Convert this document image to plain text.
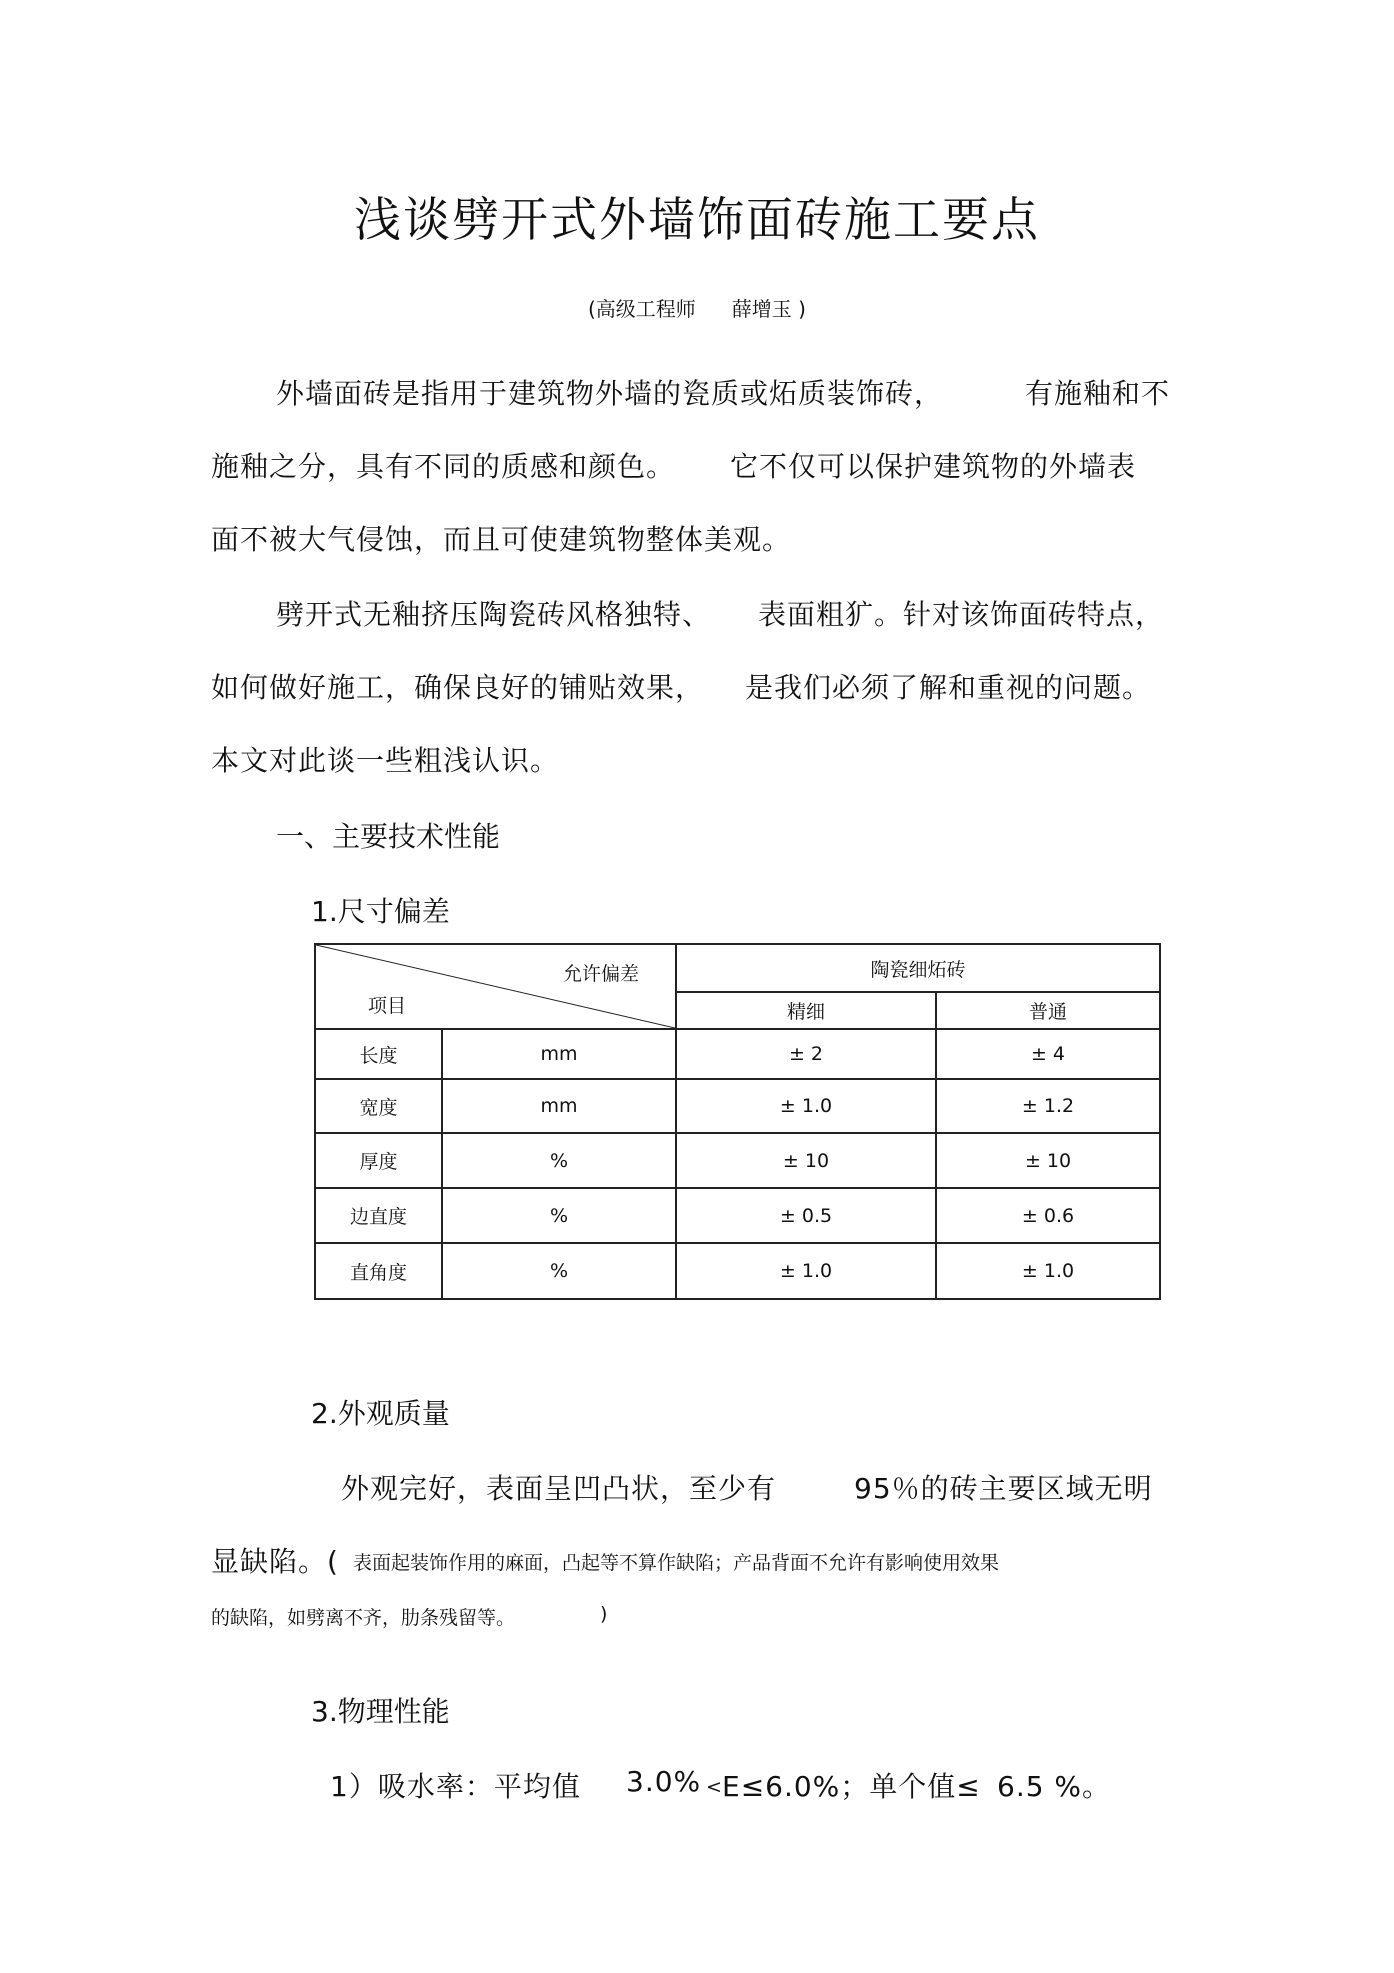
浅谈劈开式外墙饰面砖施工要点
(高级工程师 薛增玉 )
外墙面砖是指用于建筑物外墙的瓷质或炻质装饰砖，	有施釉和不
施釉之分，具有不同的质感和颜色。 它不仅可以保护建筑物的外墙表
面不被大气侵蚀，而且可使建筑物整体美观。
劈开式无釉挤压陶瓷砖风格独特、 表面粗犷。针对该饰面砖特点，
如何做好施工，确保良好的铺贴效果， 是我们必须了解和重视的问题。
本文对此谈一些粗浅认识。
一、主要技术性能
1.尺寸偏差
允许偏差
项目		陶瓷细炻砖	
		精细	普通
长度	mm	± 2	± 4
宽度	mm	± 1.0	± 1.2
厚度	%	± 10	± 10
边直度	%	± 0.5	± 0.6
直角度	%	± 1.0	± 1.0
2.外观质量
外观完好，表面呈凹凸状，至少有	95％的砖主要区域无明
显缺陷。( 表面起装饰作用的麻面，凸起等不算作缺陷；产品背面不允许有影响使用效果
的缺陷，如劈离不齐，肋条残留等。	)
3.物理性能
1）吸水率：平均值 3.0% < E≤6.0%；单个值≤ 6.5 %。
